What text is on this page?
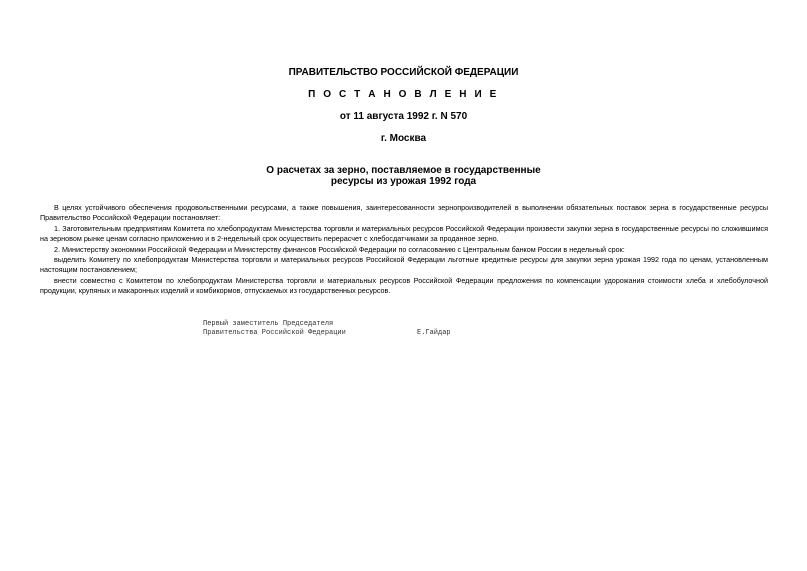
ПРАВИТЕЛЬСТВО РОССИЙСКОЙ ФЕДЕРАЦИИ
П О С Т А Н О В Л Е Н И Е
от 11 августа 1992 г. N 570
г. Москва
О расчетах за зерно, поставляемое в государственные
ресурсы из урожая 1992 года

В целях устойчивого обеспечения продовольственными ресурсами, а также повышения, заинтересованности зернопроизводителей в выполнении обязательных поставок зерна в государственные ресурсы Правительство Российской Федерации постановляет:

1. Заготовительным предприятиям Комитета по хлебопродуктам Министерства торговли и материальных ресурсов Российской Федерации произвести закупки зерна в государственные ресурсы по сложившимся на зерновом рынке ценам согласно приложению и в 2-недельный срок осуществить перерасчет с хлебосдатчиками за проданное зерно.

2. Министерству экономики Российской Федерации и Министерству финансов Российской Федерации по согласованию с Центральным банком России в недельный срок:

выделить Комитету по хлебопродуктам Министерства торговли и материальных ресурсов Российской Федерации льготные кредитные ресурсы для закупки зерна урожая 1992 года по ценам, установленным настоящим постановлением;

внести совместно с Комитетом по хлебопродуктам Министерства торговли и материальных ресурсов Российской Федерации предложения по компенсации удорожания стоимости хлеба и хлебобулочной продукции, крупяных и макаронных изделий и комбикормов, отпускаемых из государственных ресурсов.

Первый заместитель Председателя
Правительства Российской Федерации	Е.Гайдар
